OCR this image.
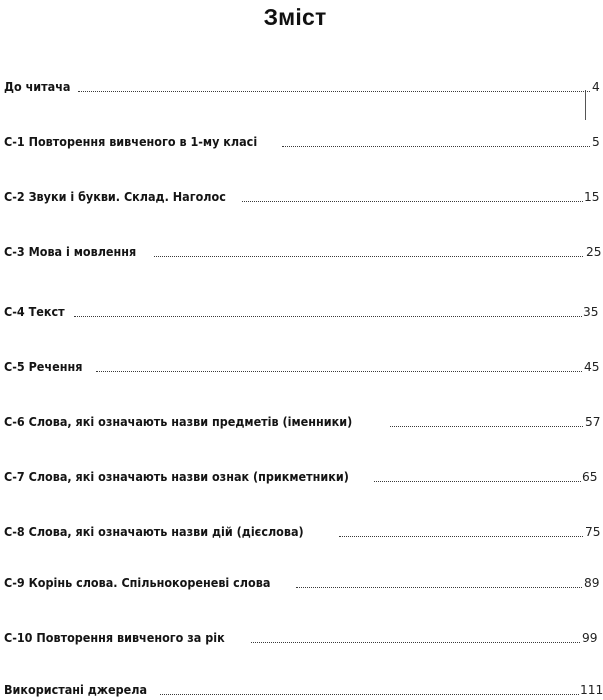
Зміст
До читача	4
С-1 Повторення вивченого в 1-му класі	5
С-2 Звуки і букви. Склад. Наголос	15
С-3 Мова і мовлення	25
С-4 Текст	35
С-5 Речення	45
С-6 Слова, які означають назви предметів (іменники)	57
С-7 Слова, які означають назви ознак (прикметники)	65
С-8 Слова, які означають назви дій (дієслова)	75
С-9 Корінь слова. Спільнокореневі слова	89
С-10 Повторення вивченого за рік	99
Використані джерела	111
